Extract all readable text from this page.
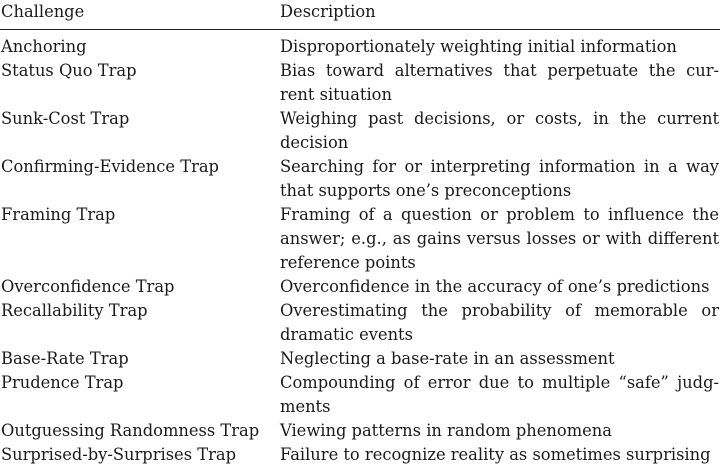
Challenge	Description
Anchoring	Disproportionately weighting initial information
Status Quo Trap	Bias toward alternatives that perpetuate the cur-
rent situation
Sunk-Cost Trap	Weighing past decisions, or costs, in the current
decision
Confirming-Evidence Trap	Searching for or interpreting information in a way
that supports one’s preconceptions
Framing Trap	Framing of a question or problem to influence the
answer; e.g., as gains versus losses or with different
reference points
Overconfidence Trap	Overconfidence in the accuracy of one’s predictions
Recallability Trap	Overestimating the probability of memorable or
dramatic events
Base-Rate Trap	Neglecting a base-rate in an assessment
Prudence Trap	Compounding of error due to multiple “safe” judg-
ments
Outguessing Randomness Trap Viewing patterns in random phenomena
Surprised-by-Surprises Trap	Failure to recognize reality as sometimes surprising
